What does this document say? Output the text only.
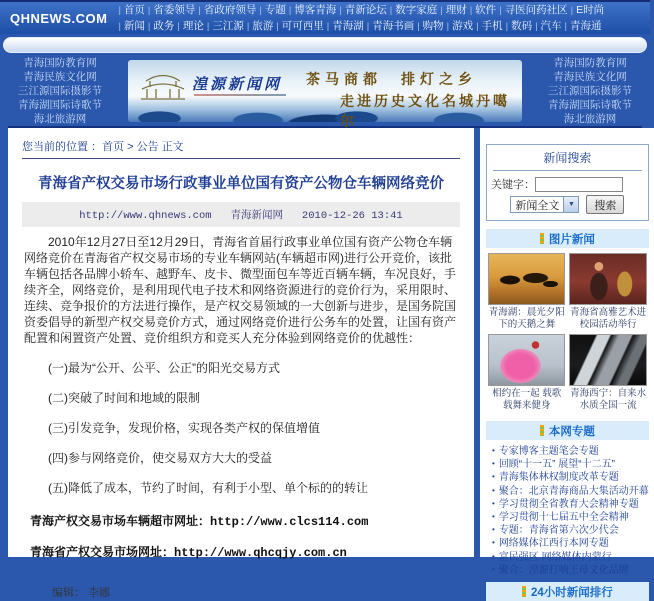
QHNEWS.COM
| 首页 | 省委领导 | 省政府领导 | 专题 | 博客青海 | 青新论坛 | 数字家庭 | 理财 | 软件 | 寻医问药社区 | E时尚
| 新闻 | 政务 | 理论 | 三江源 | 旅游 | 可可西里 | 青海湖 | 青海书画 | 购物 | 游戏 | 手机 | 数码 | 汽车 | 青海通
青海国防教育网
青海民族文化网
三江源国际摄影节
青海湖国际诗歌节
海北旅游网
湟源新闻网 茶马商都　排灯之乡
走进历史文化名城丹噶尔
青海国防教育网
青海民族文化网
三江源国际摄影节
青海湖国际诗歌节
海北旅游网
您当前的位置 ：首页 > 公告 正文
青海省产权交易市场行政事业单位国有资产公物仓车辆网络竞价
http://www.qhnews.com 青海新闻网 2010-12-26 13:41

2010年12月27日至12月29日，青海省首届行政事业单位国有资产公物仓车辆网络竞价在青海省产权交易市场的专业车辆网站(车辆超市网)进行公开竞价，该批车辆包括各品牌小轿车、越野车、皮卡、微型面包车等近百辆车辆，车况良好，手续齐全，网络竞价，是利用现代电子技术和网络资源进行的竞价行为，采用限时、连续、竞争报价的方法进行操作，是产权交易领域的一大创新与进步，是国务院国资委倡导的新型产权交易竞价方式，通过网络竞价进行公务车的处置，让国有资产配置和闲置资产处置、竞价组织方和竞买人充分体验到网络竞价的优越性：

(一)最为“公开、公平、公正”的阳光交易方式

(二)突破了时间和地域的限制

(三)引发竞争，发现价格，实现各类产权的保值增值

(四)参与网络竞价，使交易双方大大的受益

(五)降低了成本，节约了时间，有利于小型、单个标的的转让

青海产权交易市场车辆超市网址：http://www.clcs114.com

青海省产权交易市场网址：http://www.qhcqjy.com.cn

编辑： 李娜
新闻搜索
关键字：
新闻全文	▼	搜索
图片新闻
青海湖：晨光夕阳下的天鹅之舞
青海省高雅艺术进校园活动举行
相约在一起 载歌载舞来健身
青海西宁：自来水水质全国一流
本网专题
• 专家博客主题笔会专题
• 回顾“十一五” 展望“十二五”
• 青海集体林权制度改革专题
• 聚合：北京青海商品大集活动开幕
• 学习贯彻全省教育大会精神专题
• 学习贯彻十七届五中全会精神
• 专题：青海省第六次少代会
• 网络媒体江西行本网专题
• 富民强区 网络媒体内蒙行
• 聚合：湟源打响王母文化品牌
24小时新闻排行
